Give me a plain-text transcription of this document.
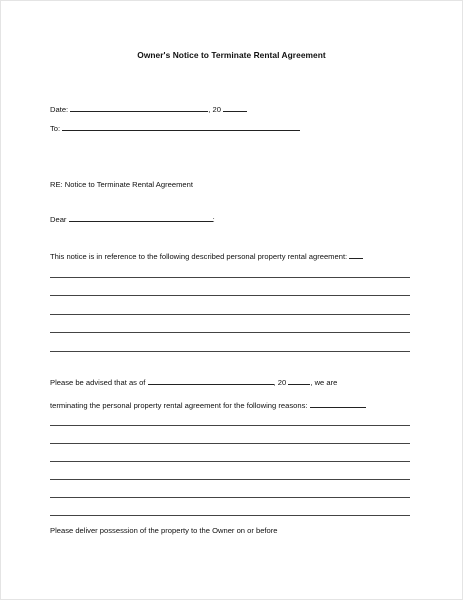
Owner's Notice to Terminate Rental Agreement
Date:	, 20
To:
RE: Notice to Terminate Rental Agreement
Dear	:
This notice is in reference to the following described personal property rental agreement:
Please be advised that as of	, 20	, we are
terminating the personal property rental agreement for the following reasons:
Please deliver possession of the property to the Owner on or before
